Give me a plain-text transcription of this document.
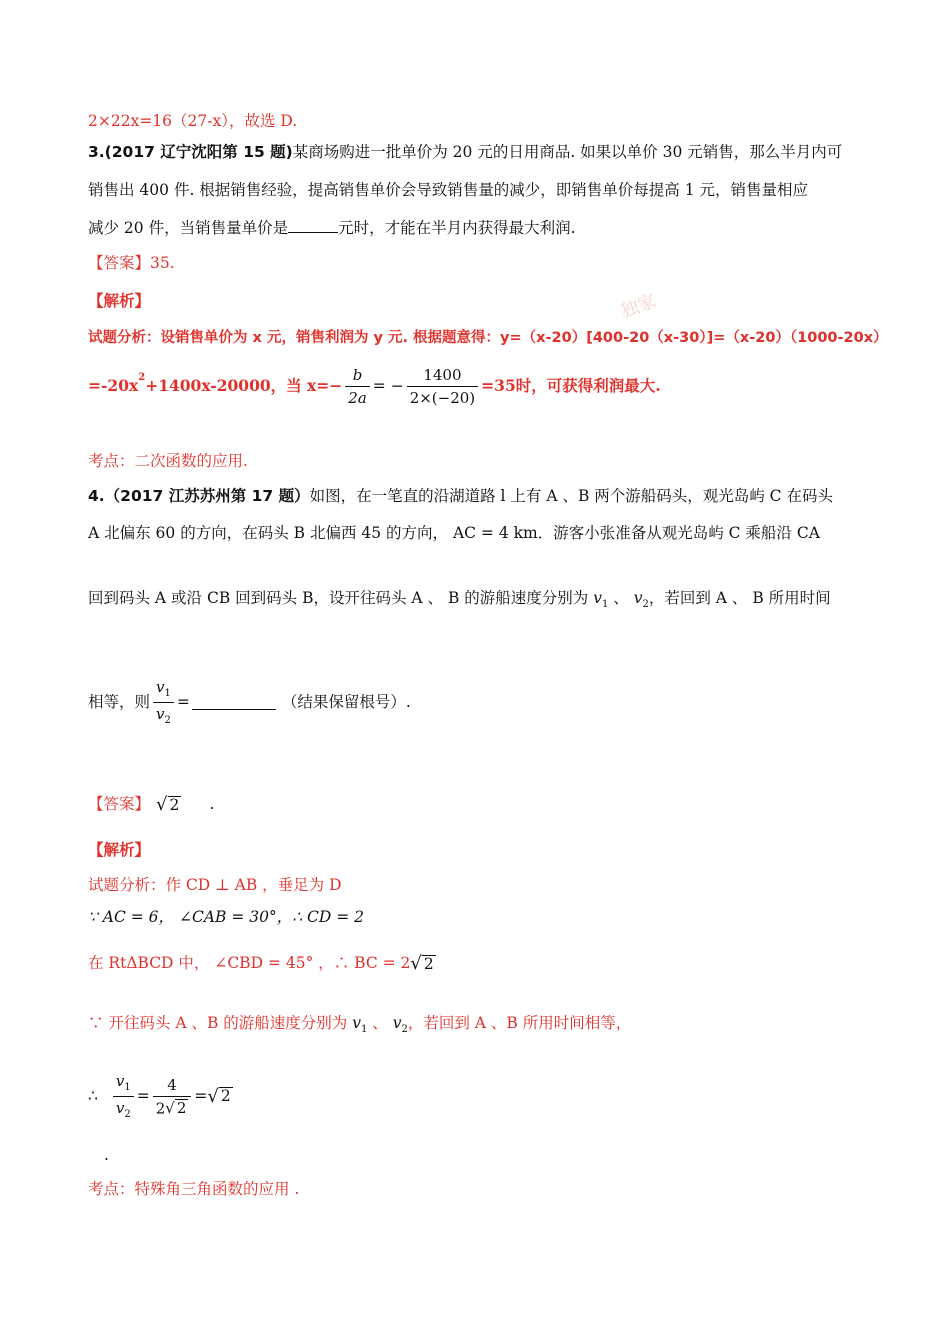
独家
2×22x=16（27-x），故选 D.
3.(2017 辽宁沈阳第 15 题)某商场购进一批单价为 20 元的日用商品. 如果以单价 30 元销售，那么半月内可
销售出 400 件. 根据销售经验，提高销售单价会导致销售量的减少，即销售单价每提高 1 元，销售量相应
减少 20 件，当销售量单价是	元时，才能在半月内获得最大利润.
【答案】35.
【解析】
试题分析：设销售单价为 x 元，销售利润为 y 元. 根据题意得：y=（x-20）[400-20（x-30）]=（x-20）（1000-20x）
$=-20x^2 +1400x-20000$，当 $x=- \frac{b}{2a}$ = − $\frac{1400}{2\times(-20)} =35$时，可获得利润最大.
考点：二次函数的应用.
4.（2017 江苏苏州第 17 题）如图，在一笔直的沿湖道路 l 上有 A 、B 两个游船码头，观光岛屿 C 在码头
A 北偏东 60 的方向，在码头 B 北偏西 45 的方向， AC = 4 km．游客小张准备从观光岛屿 C 乘船沿 CA
回到码头 A 或沿 CB 回到码头 B，设开往码头 A 、 B 的游船速度分别为 $v_1$ 、 $v_2$，若回到 A 、 B 所用时间
相等，则 $\frac{v_1}{v_2}$ =	（结果保留根号）.
【答案】 √ 2 .
【解析】
试题分析：作 CD ⊥ AB ，垂足为 D
∵ AC = 6， ∠CAB = 30°，∴ CD = 2
在 RtΔBCD 中， ∠CBD = 45° ，∴ BC = 2 √ 2
∵ 开往码头 A 、B 的游船速度分别为 $v_1$ 、 $v_2$，若回到 A 、B 所用时间相等，
∴ $\frac{v_1}{v_2} = \frac{4}{2 √ 2}$ = √ 2
.
考点：特殊角三角函数的应用 .
